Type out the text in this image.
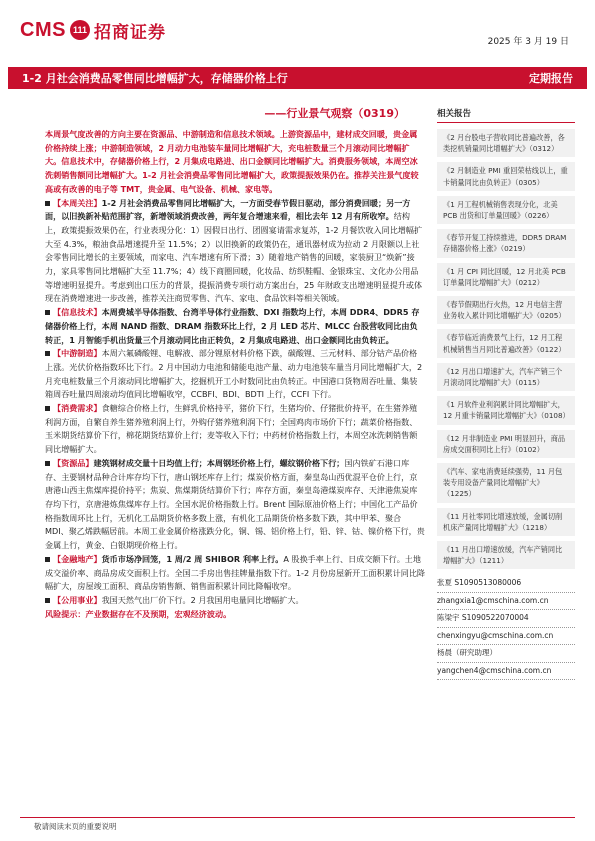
CMS 111 招商证券	2025 年 3 月 19 日
1-2 月社会消费品零售同比增幅扩大，存储器价格上行	定期报告
——行业景气观察（0319）
本周景气度改善的方向主要在资源品、中游制造和信息技术领域。上游资源品中，建材成交回暖，贵金属价格持续上涨；中游制造领域，2 月动力电池装车量同比增幅扩大，充电桩数量三个月滚动同比增幅扩大。信息技术中，存储器价格上行，2 月集成电路进、出口金额同比增幅扩大。消费服务领域，本周空冰洗刺销售额同比增幅扩大。1-2 月社会消费品零售同比增幅扩大，政策提振效果仍在。推荐关注景气度较高或有改善的电子等 TMT，贵金属、电气设备、机械、家电等。
【本周关注】1-2 月社会消费品零售同比增幅扩大，一方面受春节假日驱动，部分消费回暖；另一方面，以旧换新补贴范围扩容，新增领域消费改善，两年复合增速来看，相比去年 12 月有所收窄。结构上，政策提振效果仍在，行业表现分化：1）因假日出行、团圆宴请需求复苏，1-2 月餐饮收入同比增幅扩大至 4.3%，粮油食品增速提升至 11.5%；2）以旧换新的政策仍在，通讯器材成为拉动 2 月限额以上社会零售同比增长的主要领域，而家电、汽车增速有所下滑；3）随着地产销售的回暖，家装厨卫“焕新”接力，家具零售同比增幅扩大至 11.7%；4）线下商圈回暖，化妆品、纺织鞋帽、金银珠宝、文化办公用品等增速明显提升。考虑到出口压力的背景，提振消费专项行动方案出台，25 年财政支出增速明显提升或体现在消费增速进一步改善，推荐关注商贸零售、汽车、家电、食品饮料等相关领域。
【信息技术】本周费城半导体指数、台湾半导体行业指数、DXI 指数均上行，本周 DDR4、DDR5 存储器价格上行，本周 NAND 指数、DRAM 指数环比上行，2 月 LED 芯片、MLCC 台股营收同比由负转正，1 月智能手机出货量三个月滚动同比由正转负，2 月集成电路进、出口金额同比由负转正。
【中游制造】本周六氟磷酸锂、电解液、部分锂原材料价格下跌，碳酸锂、三元材料、部分钴产品价格上涨。光伏价格指数环比下行。2 月中国动力电池和储能电池产量、动力电池装车量当月同比增幅扩大，2 月充电桩数量三个月滚动同比增幅扩大，挖掘机开工小时数同比由负转正。中国港口货物周吞吐量、集装箱周吞吐量四周滚动均值同比增幅收窄，CCBFI、BDI、BDTI 上行，CCFI 下行。
【消费需求】食糖综合价格上行，生鲜乳价格持平，猪价下行，生猪均价、仔猪批价持平，在生猪养殖利润方面，自繁自养生猪养殖利润上行，外购仔猪养殖利润下行；全国鸡肉市场价下行；蔬菜价格指数、玉米期货结算价下行，棉花期货结算价上行；麦等收入下行；中药材价格指数上行，本周空冰洗刺销售额同比增幅扩大。
【资源品】建筑钢材成交量十日均值上行；本周钢坯价格上行，螺纹钢价格下行；国内铁矿石港口库存、主要钢材品种合计库存均下行，唐山钢坯库存上行；煤炭价格方面，秦皇岛山西优混平仓价上行，京唐港山西主焦煤库提价持平；焦炭、焦煤期货结算价下行；库存方面，秦皇岛港煤炭库存、天津港焦炭库存均下行，京唐港炼焦煤库存上行。全国水泥价格指数上行。Brent 国际原油价格上行；中国化工产品价格指数周环比上行，无机化工品期货价格多数上涨，有机化工品期货价格多数下跌，其中甲苯、聚合 MDI、聚乙烯跌幅居前。本周工业金属价格涨跌分化，铜、锡、铝价格上行，铅、锌、钴、镍价格下行，贵金属上行，黄金、白银期现价格上行。
【金融地产】货币市场净回笼，1 周/2 周 SHIBOR 利率上行。A 股换手率上行、日成交额下行。土地成交溢价率、商品房成交面积上行。全国二手房出售挂牌量指数下行。1-2 月份房屋新开工面积累计同比降幅扩大，房屋竣工面积、商品房销售额、销售面积累计同比降幅收窄。
【公用事业】我国天然气出厂价下行。2 月我国用电量同比增幅扩大。
风险提示：产业数据存在不及预期，宏观经济波动。
相关报告
《2 月台股电子营收同比普遍改善，各类挖机销量同比增幅扩大》（0312）
《2 月制造业 PMI 重回荣枯线以上，重卡销量同比由负转正》（0305）
《1 月工程机械销售表现分化，北美 PCB 出货和订单量回暖》（0226）
《春节开复工持续推进，DDR5 DRAM 存储器价格上涨》（0219）
《1 月 CPI 同比回暖，12 月北美 PCB 订单量同比增幅扩大》（0212）
《春节假期出行火热，12 月电信主营业务收入累计同比增幅扩大》（0205）
《春节临近消费景气上行，12 月工程机械销售当月同比普遍改善》（0122）
《12 月出口增速扩大，汽车产销三个月滚动同比增幅扩大》（0115）
《1 月软件业利润累计同比增幅扩大，12 月重卡销量同比增幅扩大》（0108）
《12 月非制造业 PMI 明显回升，商品房成交面积同比上行》（0102）
《汽车、家电消费延续强势，11 月包装专用设备产量同比增幅扩大》（1225）
《11 月社零同比增速放缓，金属切削机床产量同比增幅扩大》（1218）
《11 月出口增速放缓，汽车产销同比增幅扩大》（1211）
张夏 S1090513080006
zhangxia1@cmschina.com.cn
陈梁宇 S1090522070004
chenxingyu@cmschina.com.cn
杨晨（研究助理）
yangchen4@cmschina.com.cn
敬请阅读末页的重要说明
